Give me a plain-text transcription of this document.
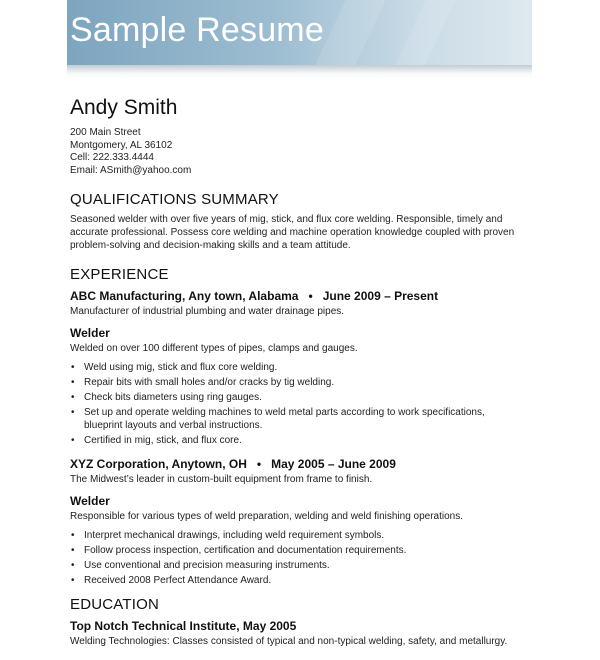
Sample Resume
Andy Smith
200 Main Street
Montgomery, AL 36102
Cell: 222.333.4444
Email: ASmith@yahoo.com
QUALIFICATIONS SUMMARY
Seasoned welder with over five years of mig, stick, and flux core welding. Responsible, timely and
accurate professional. Possess core welding and machine operation knowledge coupled with proven
problem-solving and decision-making skills and a team attitude.
EXPERIENCE
ABC Manufacturing, Any town, Alabama   •   June 2009 – Present
Manufacturer of industrial plumbing and water drainage pipes.
Welder
Welded on over 100 different types of pipes, clamps and gauges.
• Weld using mig, stick and flux core welding.
• Repair bits with small holes and/or cracks by tig welding.
• Check bits diameters using ring gauges.
• Set up and operate welding machines to weld metal parts according to work specifications,
blueprint layouts and verbal instructions.
• Certified in mig, stick, and flux core.
XYZ Corporation, Anytown, OH   •   May 2005 – June 2009
The Midwest’s leader in custom-built equipment from frame to finish.
Welder
Responsible for various types of weld preparation, welding and weld finishing operations.
• Interpret mechanical drawings, including weld requirement symbols.
• Follow process inspection, certification and documentation requirements.
• Use conventional and precision measuring instruments.
• Received 2008 Perfect Attendance Award.
EDUCATION
Top Notch Technical Institute, May 2005
Welding Technologies: Classes consisted of typical and non-typical welding, safety, and metallurgy.
